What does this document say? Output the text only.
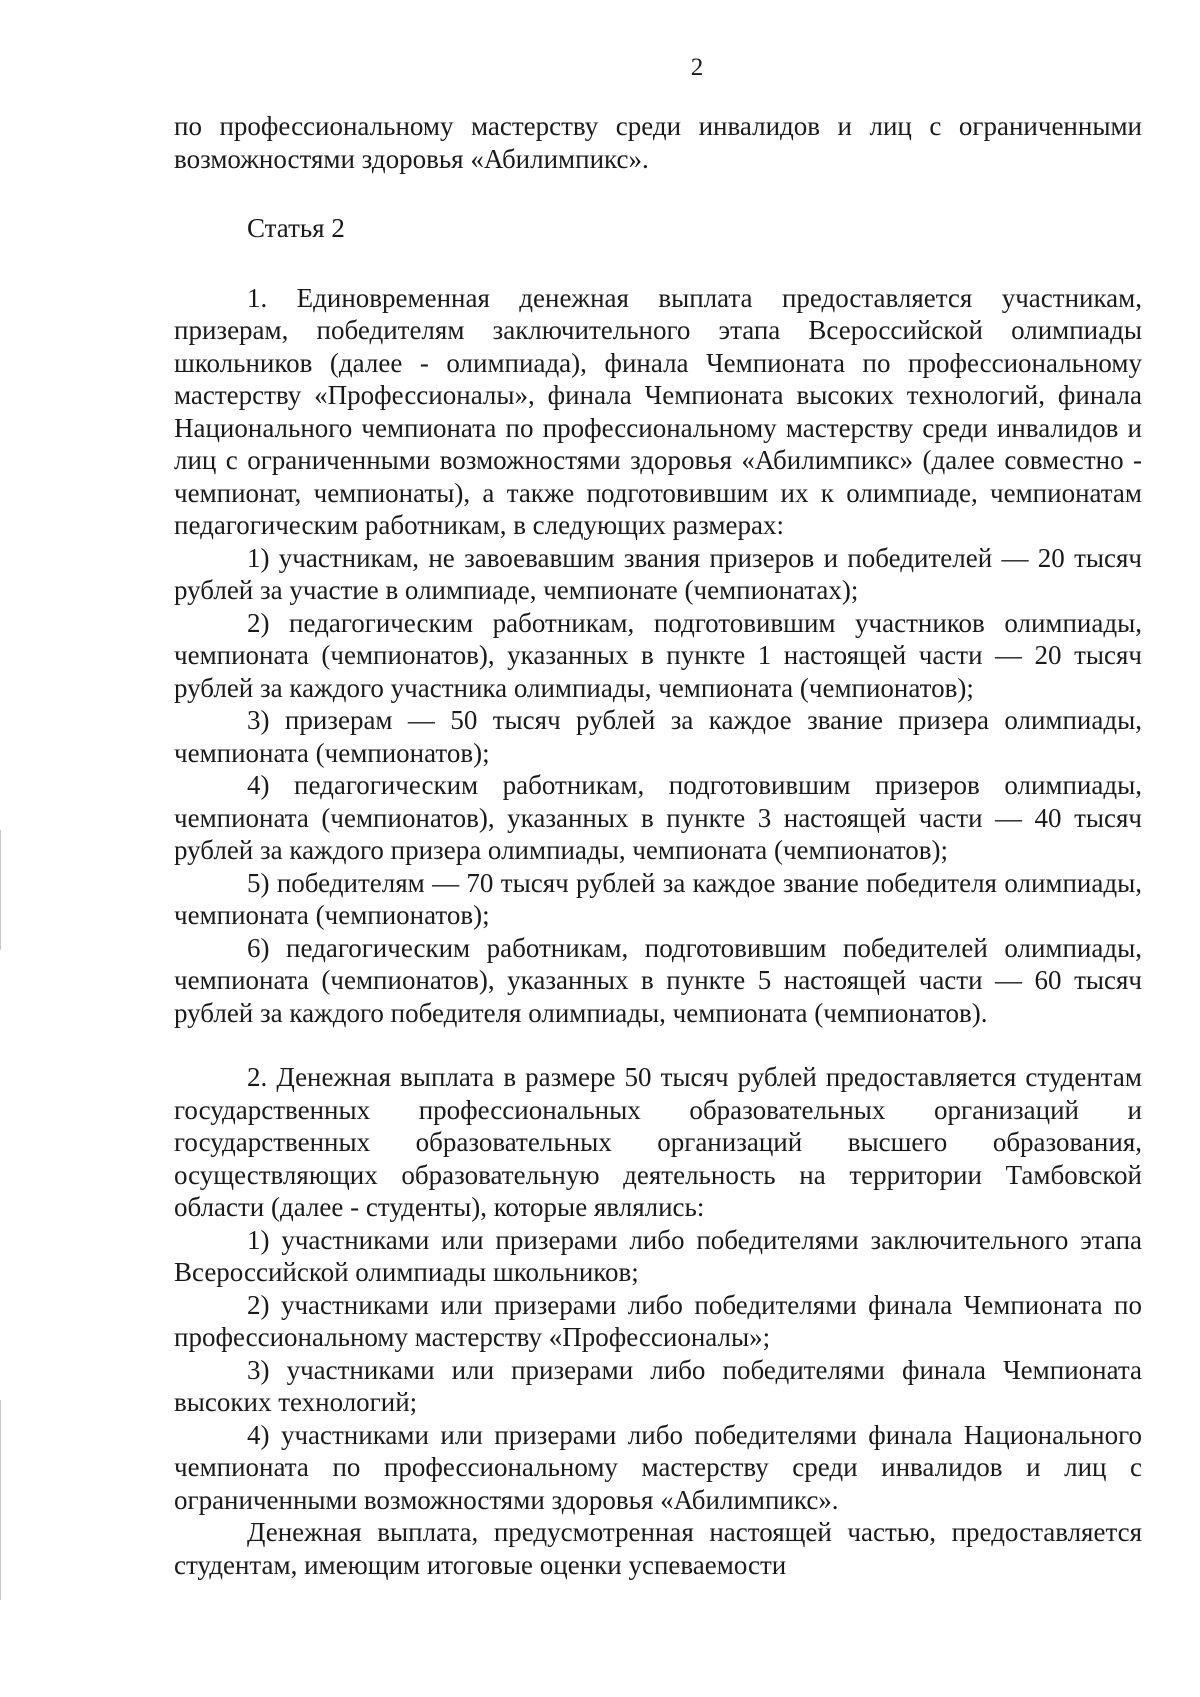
2

по профессиональному мастерству среди инвалидов и лиц с ограниченными возможностями здоровья «Абилимпикс».

Статья 2

1. Единовременная денежная выплата предоставляется участникам, призерам, победителям заключительного этапа Всероссийской олимпиады школьников (далее - олимпиада), финала Чемпионата по профессиональному мастерству «Профессионалы», финала Чемпионата высоких технологий, финала Национального чемпионата по профессиональному мастерству среди инвалидов и лиц с ограниченными возможностями здоровья «Абилимпикс» (далее совместно - чемпионат, чемпионаты), а также подготовившим их к олимпиаде, чемпионатам педагогическим работникам, в следующих размерах:

1) участникам, не завоевавшим звания призеров и победителей — 20 тысяч рублей за участие в олимпиаде, чемпионате (чемпионатах);

2) педагогическим работникам, подготовившим участников олимпиады, чемпионата (чемпионатов), указанных в пункте 1 настоящей части — 20 тысяч рублей за каждого участника олимпиады, чемпионата (чемпионатов);

3) призерам — 50 тысяч рублей за каждое звание призера олимпиады, чемпионата (чемпионатов);

4) педагогическим работникам, подготовившим призеров олимпиады, чемпионата (чемпионатов), указанных в пункте 3 настоящей части — 40 тысяч рублей за каждого призера олимпиады, чемпионата (чемпионатов);

5) победителям — 70 тысяч рублей за каждое звание победителя олимпиады, чемпионата (чемпионатов);

6) педагогическим работникам, подготовившим победителей олимпиады, чемпионата (чемпионатов), указанных в пункте 5 настоящей части — 60 тысяч рублей за каждого победителя олимпиады, чемпионата (чемпионатов).

2. Денежная выплата в размере 50 тысяч рублей предоставляется студентам государственных профессиональных образовательных организаций и государственных образовательных организаций высшего образования, осуществляющих образовательную деятельность на территории Тамбовской области (далее - студенты), которые являлись:

1) участниками или призерами либо победителями заключительного этапа Всероссийской олимпиады школьников;

2) участниками или призерами либо победителями финала Чемпионата по профессиональному мастерству «Профессионалы»;

3) участниками или призерами либо победителями финала Чемпионата высоких технологий;

4) участниками или призерами либо победителями финала Национального чемпионата по профессиональному мастерству среди инвалидов и лиц с ограниченными возможностями здоровья «Абилимпикс».

Денежная выплата, предусмотренная настоящей частью, предоставляется студентам, имеющим итоговые оценки успеваемости
